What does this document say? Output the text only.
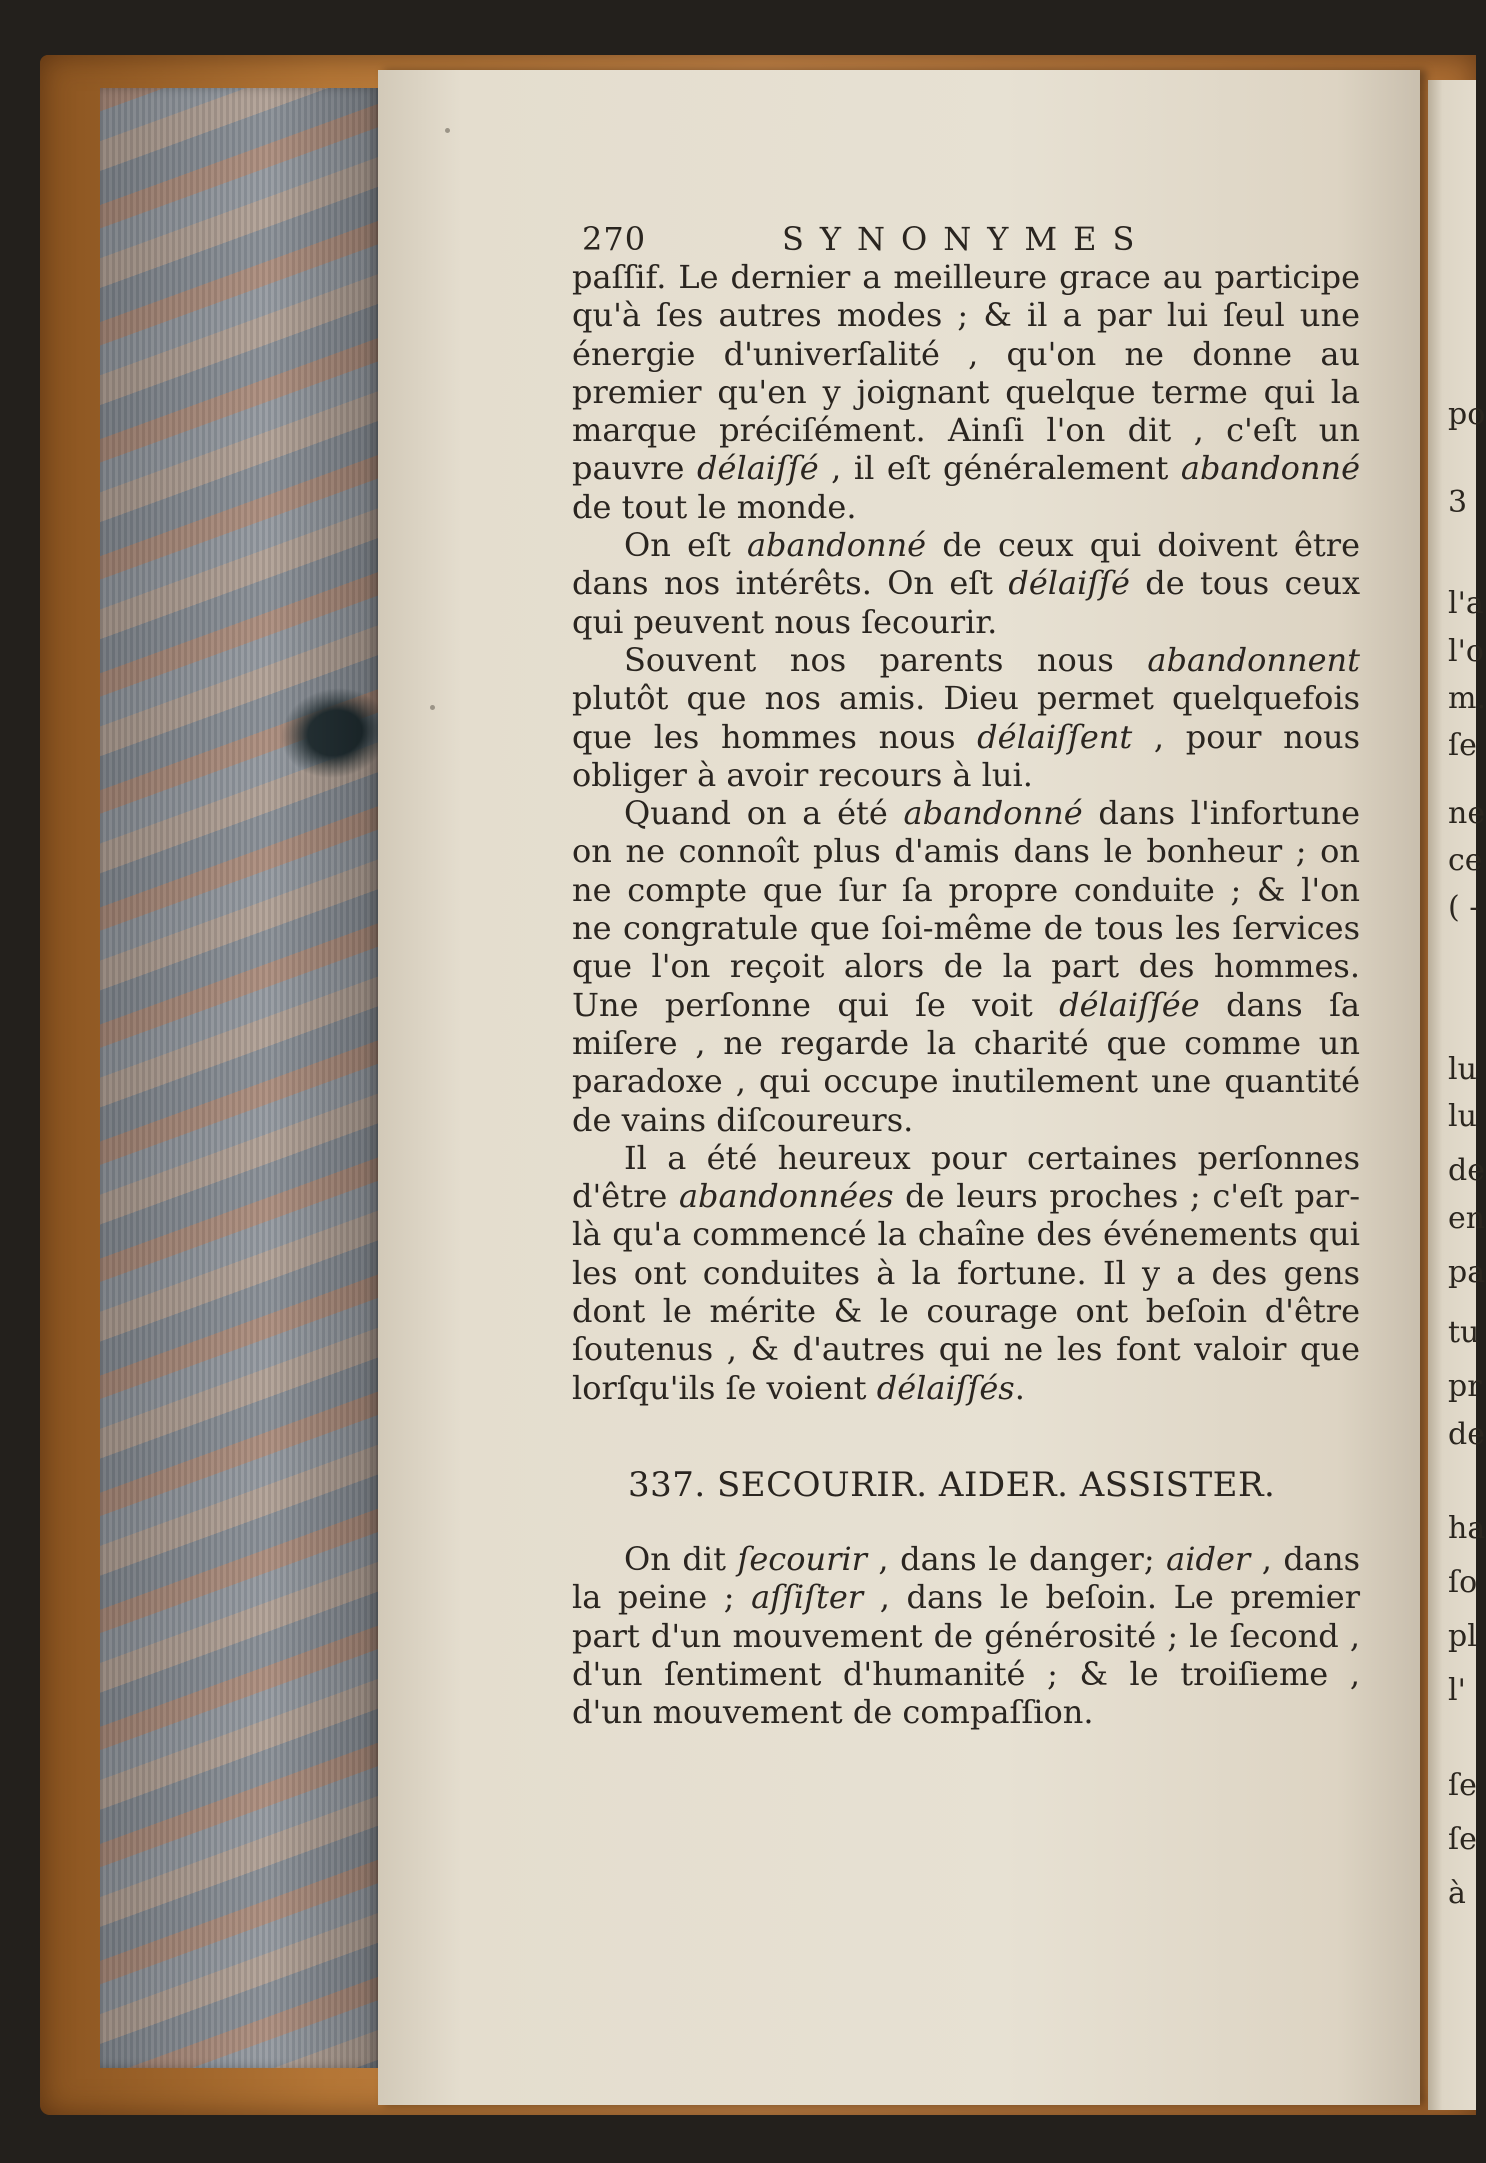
270	SYNONYMES

paſſif. Le dernier a meilleure grace au participe qu'à ſes autres modes ; & il a par lui ſeul une énergie d'univerſalité , qu'on ne donne au premier qu'en y joignant quelque terme qui la marque préciſément. Ainſi l'on dit , c'eſt un pauvre délaiſſé , il eſt généralement abandonné de tout le monde.

On eſt abandonné de ceux qui doivent être dans nos intérêts. On eſt délaiſſé de tous ceux qui peuvent nous ſecourir.

Souvent nos parents nous abandonnent plutôt que nos amis. Dieu permet quelquefois que les hommes nous délaiſſent , pour nous obliger à avoir recours à lui.

Quand on a été abandonné dans l'infortune on ne connoît plus d'amis dans le bonheur ; on ne compte que ſur ſa propre conduite ; & l'on ne congratule que ſoi-même de tous les ſervices que l'on reçoit alors de la part des hommes. Une perſonne qui ſe voit délaiſſée dans ſa miſere , ne regarde la charité que comme un paradoxe , qui occupe inutilement une quantité de vains diſcoureurs.

Il a été heureux pour certaines perſonnes d'être abandonnées de leurs proches ; c'eſt par-là qu'a commencé la chaîne des événements qui les ont conduites à la fortune. Il y a des gens dont le mérite & le courage ont beſoin d'être ſoutenus , & d'autres qui ne les font valoir que lorſqu'ils ſe voient délaiſſés.

337. SECOURIR. AIDER. ASSISTER.

On dit ſecourir , dans le danger; aider , dans la peine ; aſſiſter , dans le beſoin. Le premier part d'un mouvement de générosité ; le ſecond , d'un ſentiment d'humanité ; & le troiſieme , d'un mouvement de compaſſion.

po
3
l'a
l'o
m.
ſe
ne
ce
( -
lu
lu
de
en
pa
tu
pr
de
ha
ſo
pl
l'
ſe
ſe
à
